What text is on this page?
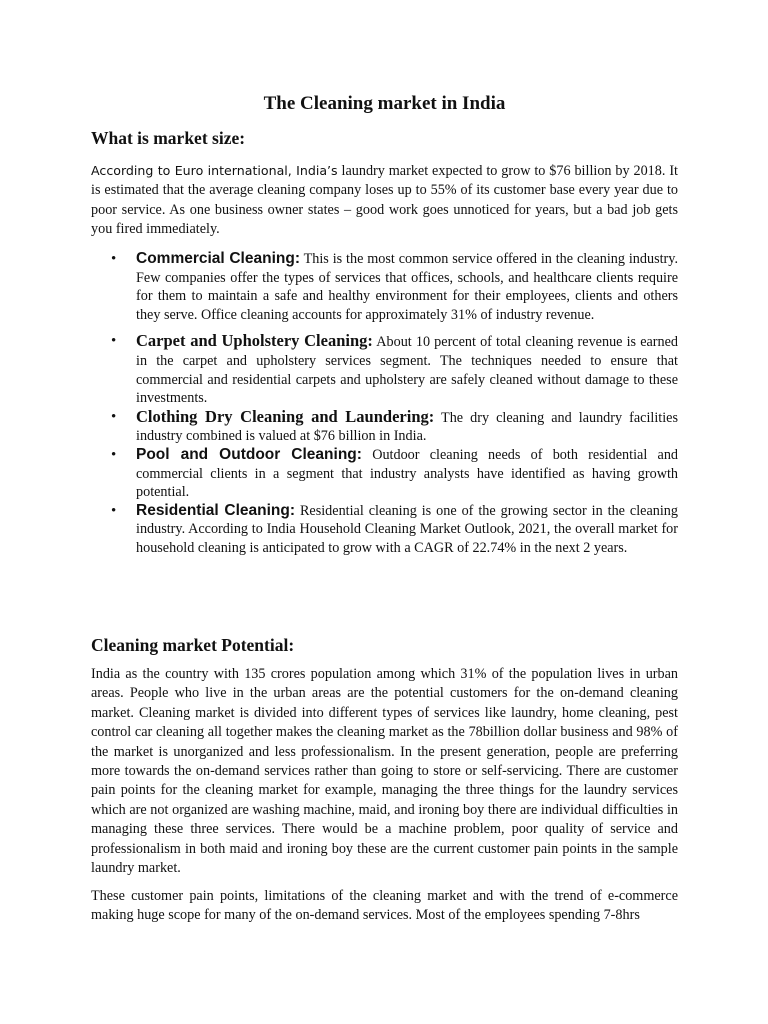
The Cleaning market in India
What is market size:
According to Euro international, India’s laundry market expected to grow to $76 billion by 2018. It is estimated that the average cleaning company loses up to 55% of its customer base every year due to poor service. As one business owner states – good work goes unnoticed for years, but a bad job gets you fired immediately.
• Commercial Cleaning: This is the most common service offered in the cleaning industry. Few companies offer the types of services that offices, schools, and healthcare clients require for them to maintain a safe and healthy environment for their employees, clients and others they serve. Office cleaning accounts for approximately 31% of industry revenue.
• Carpet and Upholstery Cleaning: About 10 percent of total cleaning revenue is earned in the carpet and upholstery services segment. The techniques needed to ensure that commercial and residential carpets and upholstery are safely cleaned without damage to these investments.
• Clothing Dry Cleaning and Laundering: The dry cleaning and laundry facilities industry combined is valued at $76 billion in India.
• Pool and Outdoor Cleaning: Outdoor cleaning needs of both residential and commercial clients in a segment that industry analysts have identified as having growth potential.
• Residential Cleaning: Residential cleaning is one of the growing sector in the cleaning industry. According to India Household Cleaning Market Outlook, 2021, the overall market for household cleaning is anticipated to grow with a CAGR of 22.74% in the next 2 years.
Cleaning market Potential:
India as the country with 135 crores population among which 31% of the population lives in urban areas. People who live in the urban areas are the potential customers for the on-demand cleaning market. Cleaning market is divided into different types of services like laundry, home cleaning, pest control car cleaning all together makes the cleaning market as the 78billion dollar business and 98% of the market is unorganized and less professionalism. In the present generation, people are preferring more towards the on-demand services rather than going to store or self-servicing. There are customer pain points for the cleaning market for example, managing the three things for the laundry services which are not organized are washing machine, maid, and ironing boy there are individual difficulties in managing these three services. There would be a machine problem, poor quality of service and professionalism in both maid and ironing boy these are the current customer pain points in the sample laundry market.
These customer pain points, limitations of the cleaning market and with the trend of e-commerce making huge scope for many of the on-demand services. Most of the employees spending 7-8hrs
